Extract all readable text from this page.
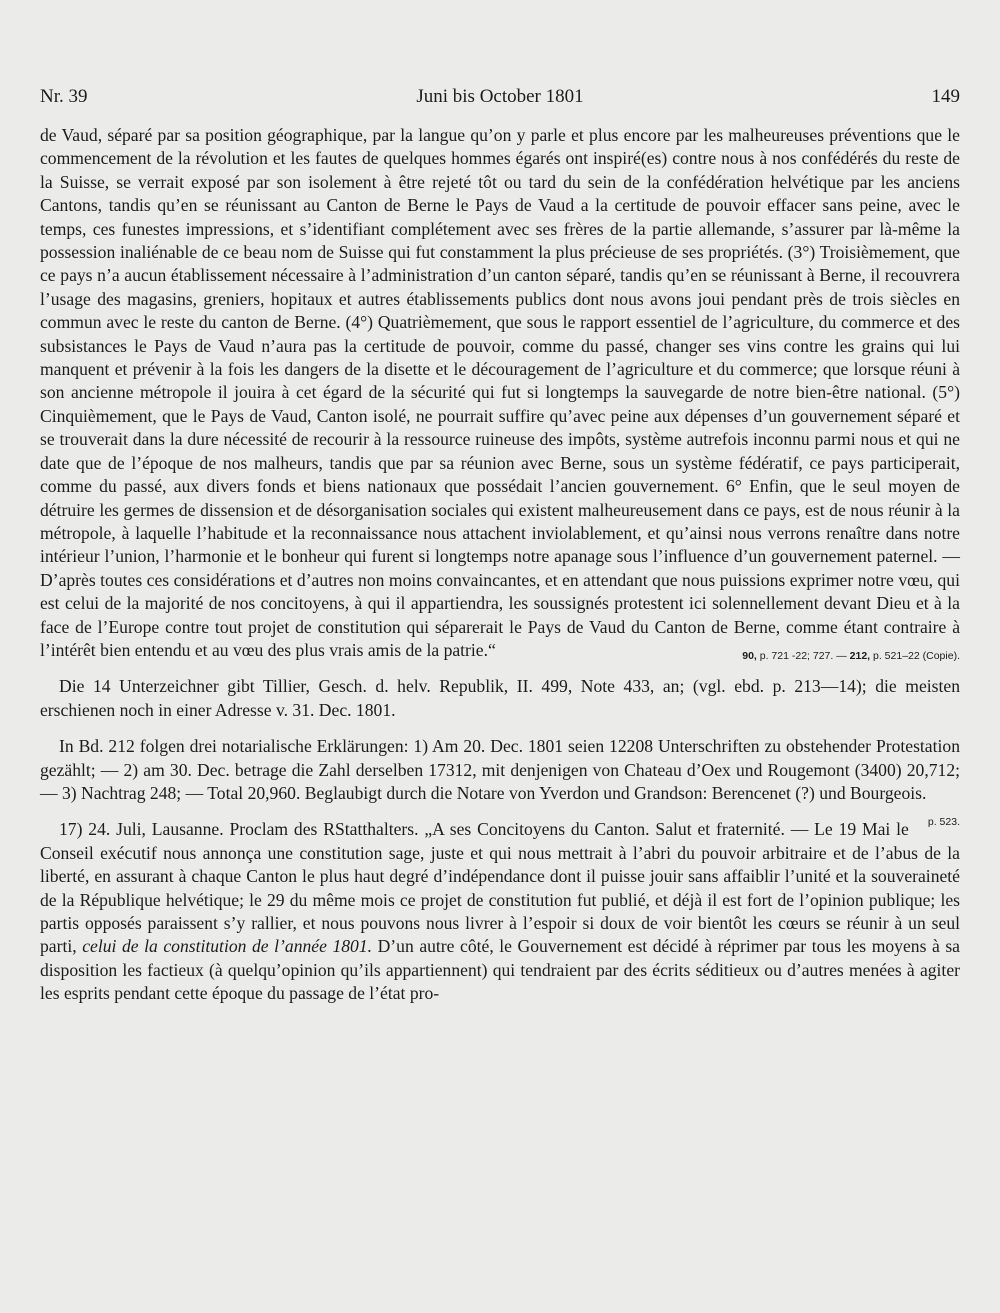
Nr. 39	Juni bis October 1801	149

de Vaud, séparé par sa position géographique, par la langue qu’on y parle et plus encore par les malheureuses préventions que le commencement de la révolution et les fautes de quelques hommes égarés ont inspiré(es) contre nous à nos confédérés du reste de la Suisse, se verrait exposé par son isolement à être rejeté tôt ou tard du sein de la confédération helvétique par les anciens Cantons, tandis qu’en se réunissant au Canton de Berne le Pays de Vaud a la certitude de pouvoir effacer sans peine, avec le temps, ces funestes impressions, et s’identifiant complétement avec ses frères de la partie allemande, s’assurer par là-même la possession inaliénable de ce beau nom de Suisse qui fut constamment la plus précieuse de ses propriétés. (3°) Troisièmement, que ce pays n’a aucun établissement nécessaire à l’administration d’un canton séparé, tandis qu’en se réunissant à Berne, il recouvrera l’usage des magasins, greniers, hopitaux et autres établissements publics dont nous avons joui pendant près de trois siècles en commun avec le reste du canton de Berne. (4°) Quatrièmement, que sous le rapport essentiel de l’agriculture, du commerce et des subsistances le Pays de Vaud n’aura pas la certitude de pouvoir, comme du passé, changer ses vins contre les grains qui lui manquent et prévenir à la fois les dangers de la disette et le découragement de l’agriculture et du commerce; que lorsque réuni à son ancienne métropole il jouira à cet égard de la sécurité qui fut si longtemps la sauvegarde de notre bien-être national. (5°) Cinquièmement, que le Pays de Vaud, Canton isolé, ne pourrait suffire qu’avec peine aux dépenses d’un gouvernement séparé et se trouverait dans la dure nécessité de recourir à la ressource ruineuse des impôts, système autrefois inconnu parmi nous et qui ne date que de l’époque de nos malheurs, tandis que par sa réunion avec Berne, sous un système fédératif, ce pays participerait, comme du passé, aux divers fonds et biens nationaux que possédait l’ancien gouvernement. 6° Enfin, que le seul moyen de détruire les germes de dissension et de désorganisation sociales qui existent malheureusement dans ce pays, est de nous réunir à la métropole, à laquelle l’habitude et la reconnaissance nous attachent inviolablement, et qu’ainsi nous verrons renaître dans notre intérieur l’union, l’harmonie et le bonheur qui furent si longtemps notre apanage sous l’influence d’un gouvernement paternel. — D’après toutes ces considérations et d’autres non moins convaincantes, et en attendant que nous puissions exprimer notre vœu, qui est celui de la majorité de nos concitoyens, à qui il appartiendra, les soussignés protestent ici solennellement devant Dieu et à la face de l’Europe contre tout projet de constitution qui séparerait le Pays de Vaud du Canton de Berne, comme étant contraire à l’intérêt bien entendu et au vœu des plus vrais amis de la patrie.“	90, p. 721 -22; 727. — 212, p. 521–22 (Copie).

Die 14 Unterzeichner gibt Tillier, Gesch. d. helv. Republik, II. 499, Note 433, an; (vgl. ebd. p. 213—14); die meisten erschienen noch in einer Adresse v. 31. Dec. 1801.

In Bd. 212 folgen drei notarialische Erklärungen: 1) Am 20. Dec. 1801 seien 12208 Unterschriften zu obstehender Protestation gezählt; — 2) am 30. Dec. betrage die Zahl derselben 17312, mit denjenigen von Chateau d’Oex und Rougemont (3400) 20,712; — 3) Nachtrag 248; — Total 20,960. Beglaubigt durch die Notare von Yverdon und Grandson: Berencenet (?) und Bourgeois.
p. 523.

17) 24. Juli, Lausanne. Proclam des RStatthalters. „A ses Concitoyens du Canton. Salut et fraternité. — Le 19 Mai le Conseil exécutif nous annonça une constitution sage, juste et qui nous mettrait à l’abri du pouvoir arbitraire et de l’abus de la liberté, en assurant à chaque Canton le plus haut degré d’indépendance dont il puisse jouir sans affaiblir l’unité et la souveraineté de la République helvétique; le 29 du même mois ce projet de constitution fut publié, et déjà il est fort de l’opinion publique; les partis opposés paraissent s’y rallier, et nous pouvons nous livrer à l’espoir si doux de voir bientôt les cœurs se réunir à un seul parti, celui de la constitution de l’année 1801. D’un autre côté, le Gouvernement est décidé à réprimer par tous les moyens à sa disposition les factieux (à quelqu’opinion qu’ils appartiennent) qui tendraient par des écrits séditieux ou d’autres menées à agiter les esprits pendant cette époque du passage de l’état pro-
